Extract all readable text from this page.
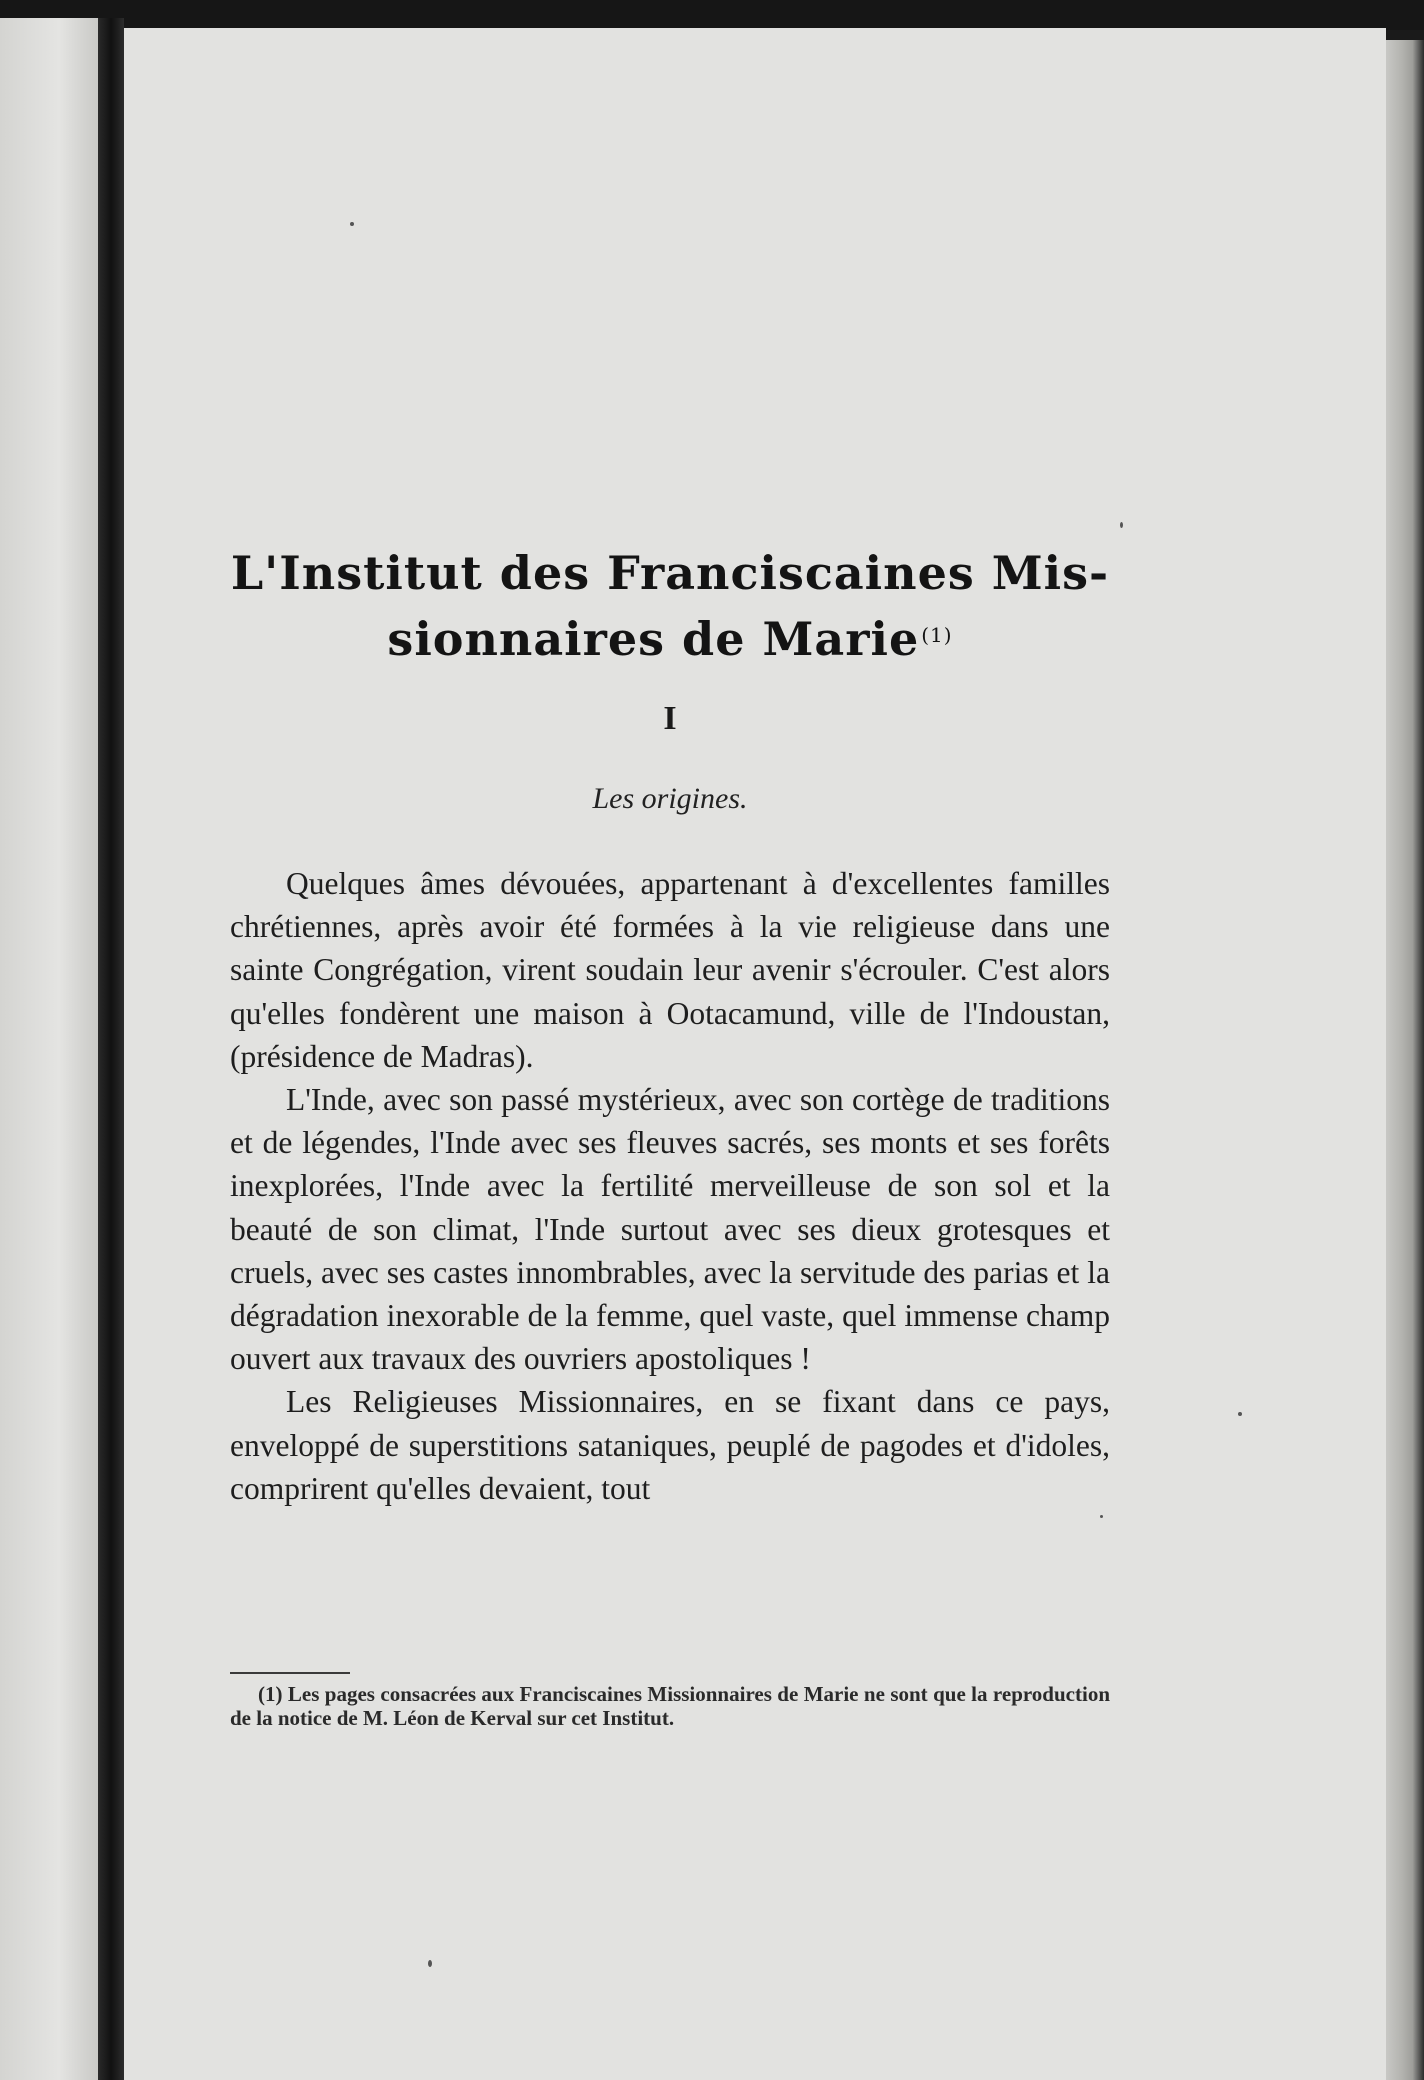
L'Institut des Franciscaines Mis-
sionnaires de Marie $^{(1)}$
I
Les origines.

Quelques âmes dévouées, appartenant à d'excellentes familles chrétiennes, après avoir été formées à la vie religieuse dans une sainte Congrégation, virent soudain leur avenir s'écrouler. C'est alors qu'elles fondèrent une maison à Ootacamund, ville de l'Indoustan, (présidence de Madras).

L'Inde, avec son passé mystérieux, avec son cortège de traditions et de légendes, l'Inde avec ses fleuves sacrés, ses monts et ses forêts inexplorées, l'Inde avec la fertilité merveilleuse de son sol et la beauté de son climat, l'Inde surtout avec ses dieux grotesques et cruels, avec ses castes innombrables, avec la servitude des parias et la dégradation inexorable de la femme, quel vaste, quel immense champ ouvert aux travaux des ouvriers apostoliques !

Les Religieuses Missionnaires, en se fixant dans ce pays, enveloppé de superstitions sataniques, peuplé de pagodes et d'idoles, comprirent qu'elles devaient, tout

(1) Les pages consacrées aux Franciscaines Missionnaires de Marie ne sont que la reproduction de la notice de M. Léon de Kerval sur cet Institut.
